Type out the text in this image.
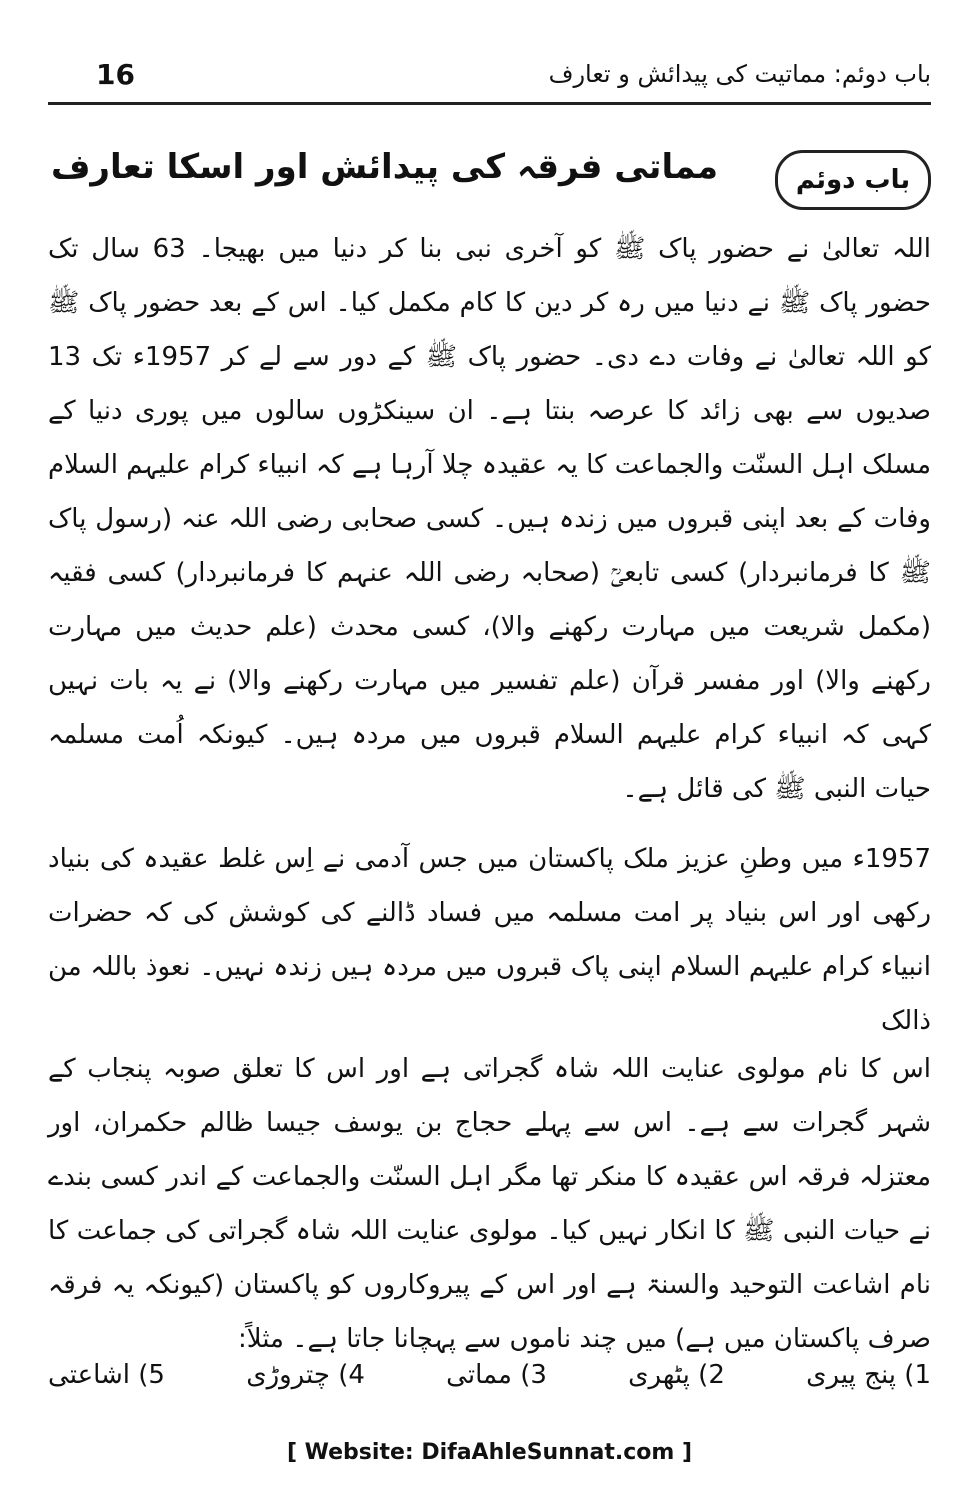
16	باب دوئم: مماتیت کی پیدائش و تعارف
باب دوئم
مماتی فرقہ کی پیدائش اور اسکا تعارف
اللہ تعالیٰ نے حضور پاک ﷺ کو آخری نبی بنا کر دنیا میں بھیجا۔ 63 سال تک حضور پاک ﷺ نے دنیا میں رہ کر دین کا کام مکمل کیا۔ اس کے بعد حضور پاک ﷺ کو اللہ تعالیٰ نے وفات دے دی۔ حضور پاک ﷺ کے دور سے لے کر 1957ء تک 13 صدیوں سے بھی زائد کا عرصہ بنتا ہے۔ ان سینکڑوں سالوں میں پوری دنیا کے مسلک اہل السنّت والجماعت کا یہ عقیدہ چلا آرہا ہے کہ انبیاء کرام علیہم السلام وفات کے بعد اپنی قبروں میں زندہ ہیں۔ کسی صحابی رضی اللہ عنہ (رسول پاک ﷺ کا فرمانبردار) کسی تابعیؒ (صحابہ رضی اللہ عنہم کا فرمانبردار) کسی فقیہ (مکمل شریعت میں مہارت رکھنے والا)، کسی محدث (علم حدیث میں مہارت رکھنے والا) اور مفسر قرآن (علم تفسیر میں مہارت رکھنے والا) نے یہ بات نہیں کہی کہ انبیاء کرام علیہم السلام قبروں میں مردہ ہیں۔ کیونکہ اُمت مسلمہ حیات النبی ﷺ کی قائل ہے۔
1957ء میں وطنِ عزیز ملک پاکستان میں جس آدمی نے اِس غلط عقیدہ کی بنیاد رکھی اور اس بنیاد پر امت مسلمہ میں فساد ڈالنے کی کوشش کی کہ حضرات انبیاء کرام علیہم السلام اپنی پاک قبروں میں مردہ ہیں زندہ نہیں۔ نعوذ باللہ من ذالک
اس کا نام مولوی عنایت اللہ شاہ گجراتی ہے اور اس کا تعلق صوبہ پنجاب کے شہر گجرات سے ہے۔ اس سے پہلے حجاج بن یوسف جیسا ظالم حکمران، اور معتزلہ فرقہ اس عقیدہ کا منکر تھا مگر اہل السنّت والجماعت کے اندر کسی بندے نے حیات النبی ﷺ کا انکار نہیں کیا۔ مولوی عنایت اللہ شاہ گجراتی کی جماعت کا نام اشاعت التوحید والسنۃ ہے اور اس کے پیروکاروں کو پاکستان (کیونکہ یہ فرقہ صرف پاکستان میں ہے) میں چند ناموں سے پہچانا جاتا ہے۔ مثلاً:
1) پنج پیری
2) پٹھری
3) مماتی
4) چتروڑی
5) اشاعتی
[ Website: DifaAhleSunnat.com ]
